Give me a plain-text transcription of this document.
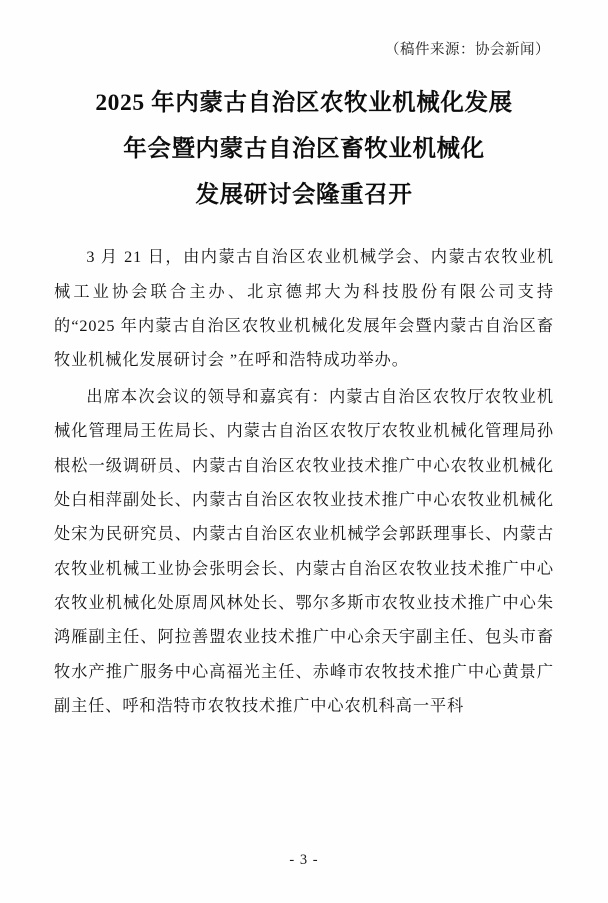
（稿件来源：协会新闻）
2025 年内蒙古自治区农牧业机械化发展
年会暨内蒙古自治区畜牧业机械化
发展研讨会隆重召开

3 月 21 日，由内蒙古自治区农业机械学会、内蒙古农牧业机械工业协会联合主办、北京德邦大为科技股份有限公司支持的“2025 年内蒙古自治区农牧业机械化发展年会暨内蒙古自治区畜牧业机械化发展研讨会 ”在呼和浩特成功举办。

出席本次会议的领导和嘉宾有：内蒙古自治区农牧厅农牧业机械化管理局王佐局长、内蒙古自治区农牧厅农牧业机械化管理局孙根松一级调研员、内蒙古自治区农牧业技术推广中心农牧业机械化处白相萍副处长、内蒙古自治区农牧业技术推广中心农牧业机械化处宋为民研究员、内蒙古自治区农业机械学会郭跃理事长、内蒙古农牧业机械工业协会张明会长、内蒙古自治区农牧业技术推广中心农牧业机械化处原周风林处长、鄂尔多斯市农牧业技术推广中心朱鸿雁副主任、阿拉善盟农业技术推广中心余天宇副主任、包头市畜牧水产推广服务中心高福光主任、赤峰市农牧技术推广中心黄景广副主任、呼和浩特市农牧技术推广中心农机科高一平科

- 3 -
